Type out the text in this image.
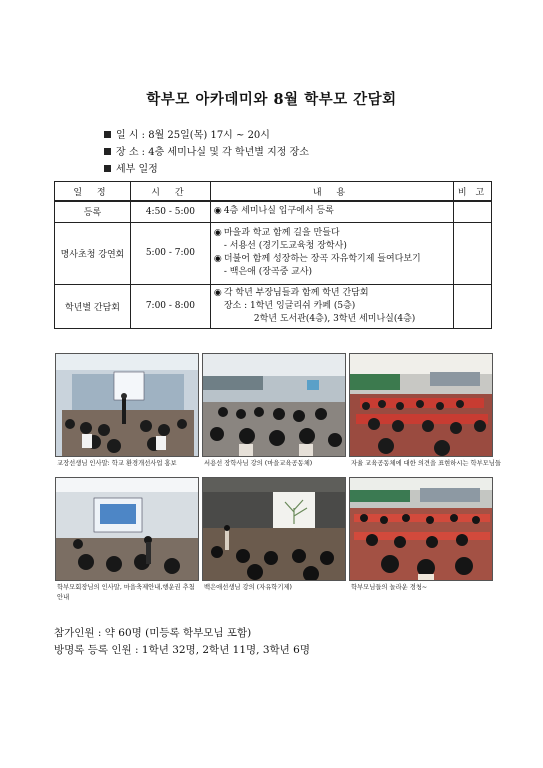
학부모 아카데미와 8월 학부모 간담회
일 시 : 8월 25일(목) 17시 ~ 20시
장 소 : 4층 세미나실 및 각 학년별 지정 장소
세부 일정
일 정	시 간	내 용	비 고
등록	4:50 - 5:00	◉ 4층 세미나실 입구에서 등록	

명사초청 강연회	5:00 - 7:00	◉ 마을과 학교 함께 길을 만들다
- 서용선 (경기도교육청 장학사)
◉ 더불어 함께 성장하는 장곡 자유학기제 들여다보기
- 백은애 (장곡중 교사)	

학년별 간담회	7:00 - 8:00	◉ 각 학년 부장님들과 함께 학년 간담회
장소 : 1학년 잉글리쉬 카페 (5층)
2학년 도서관(4층), 3학년 세미나실(4층)	

교장선생님 인사말: 학교 환경개선사업 홍보	서용선 장학사님 강의 (마을교육공동체)	자율 교육공동체에 대한 의견을 표현하시는 학부모님들
학부모회장님의 인사말, 마을축제안내,행운권 추첨 안내
백은애선생님 강의 (자유학기제)	학부모님들의 놀라운 경청~
참가인원 : 약 60명 (미등록 학부모님 포함)
방명록 등록 인원 : 1학년 32명, 2학년 11명, 3학년 6명
